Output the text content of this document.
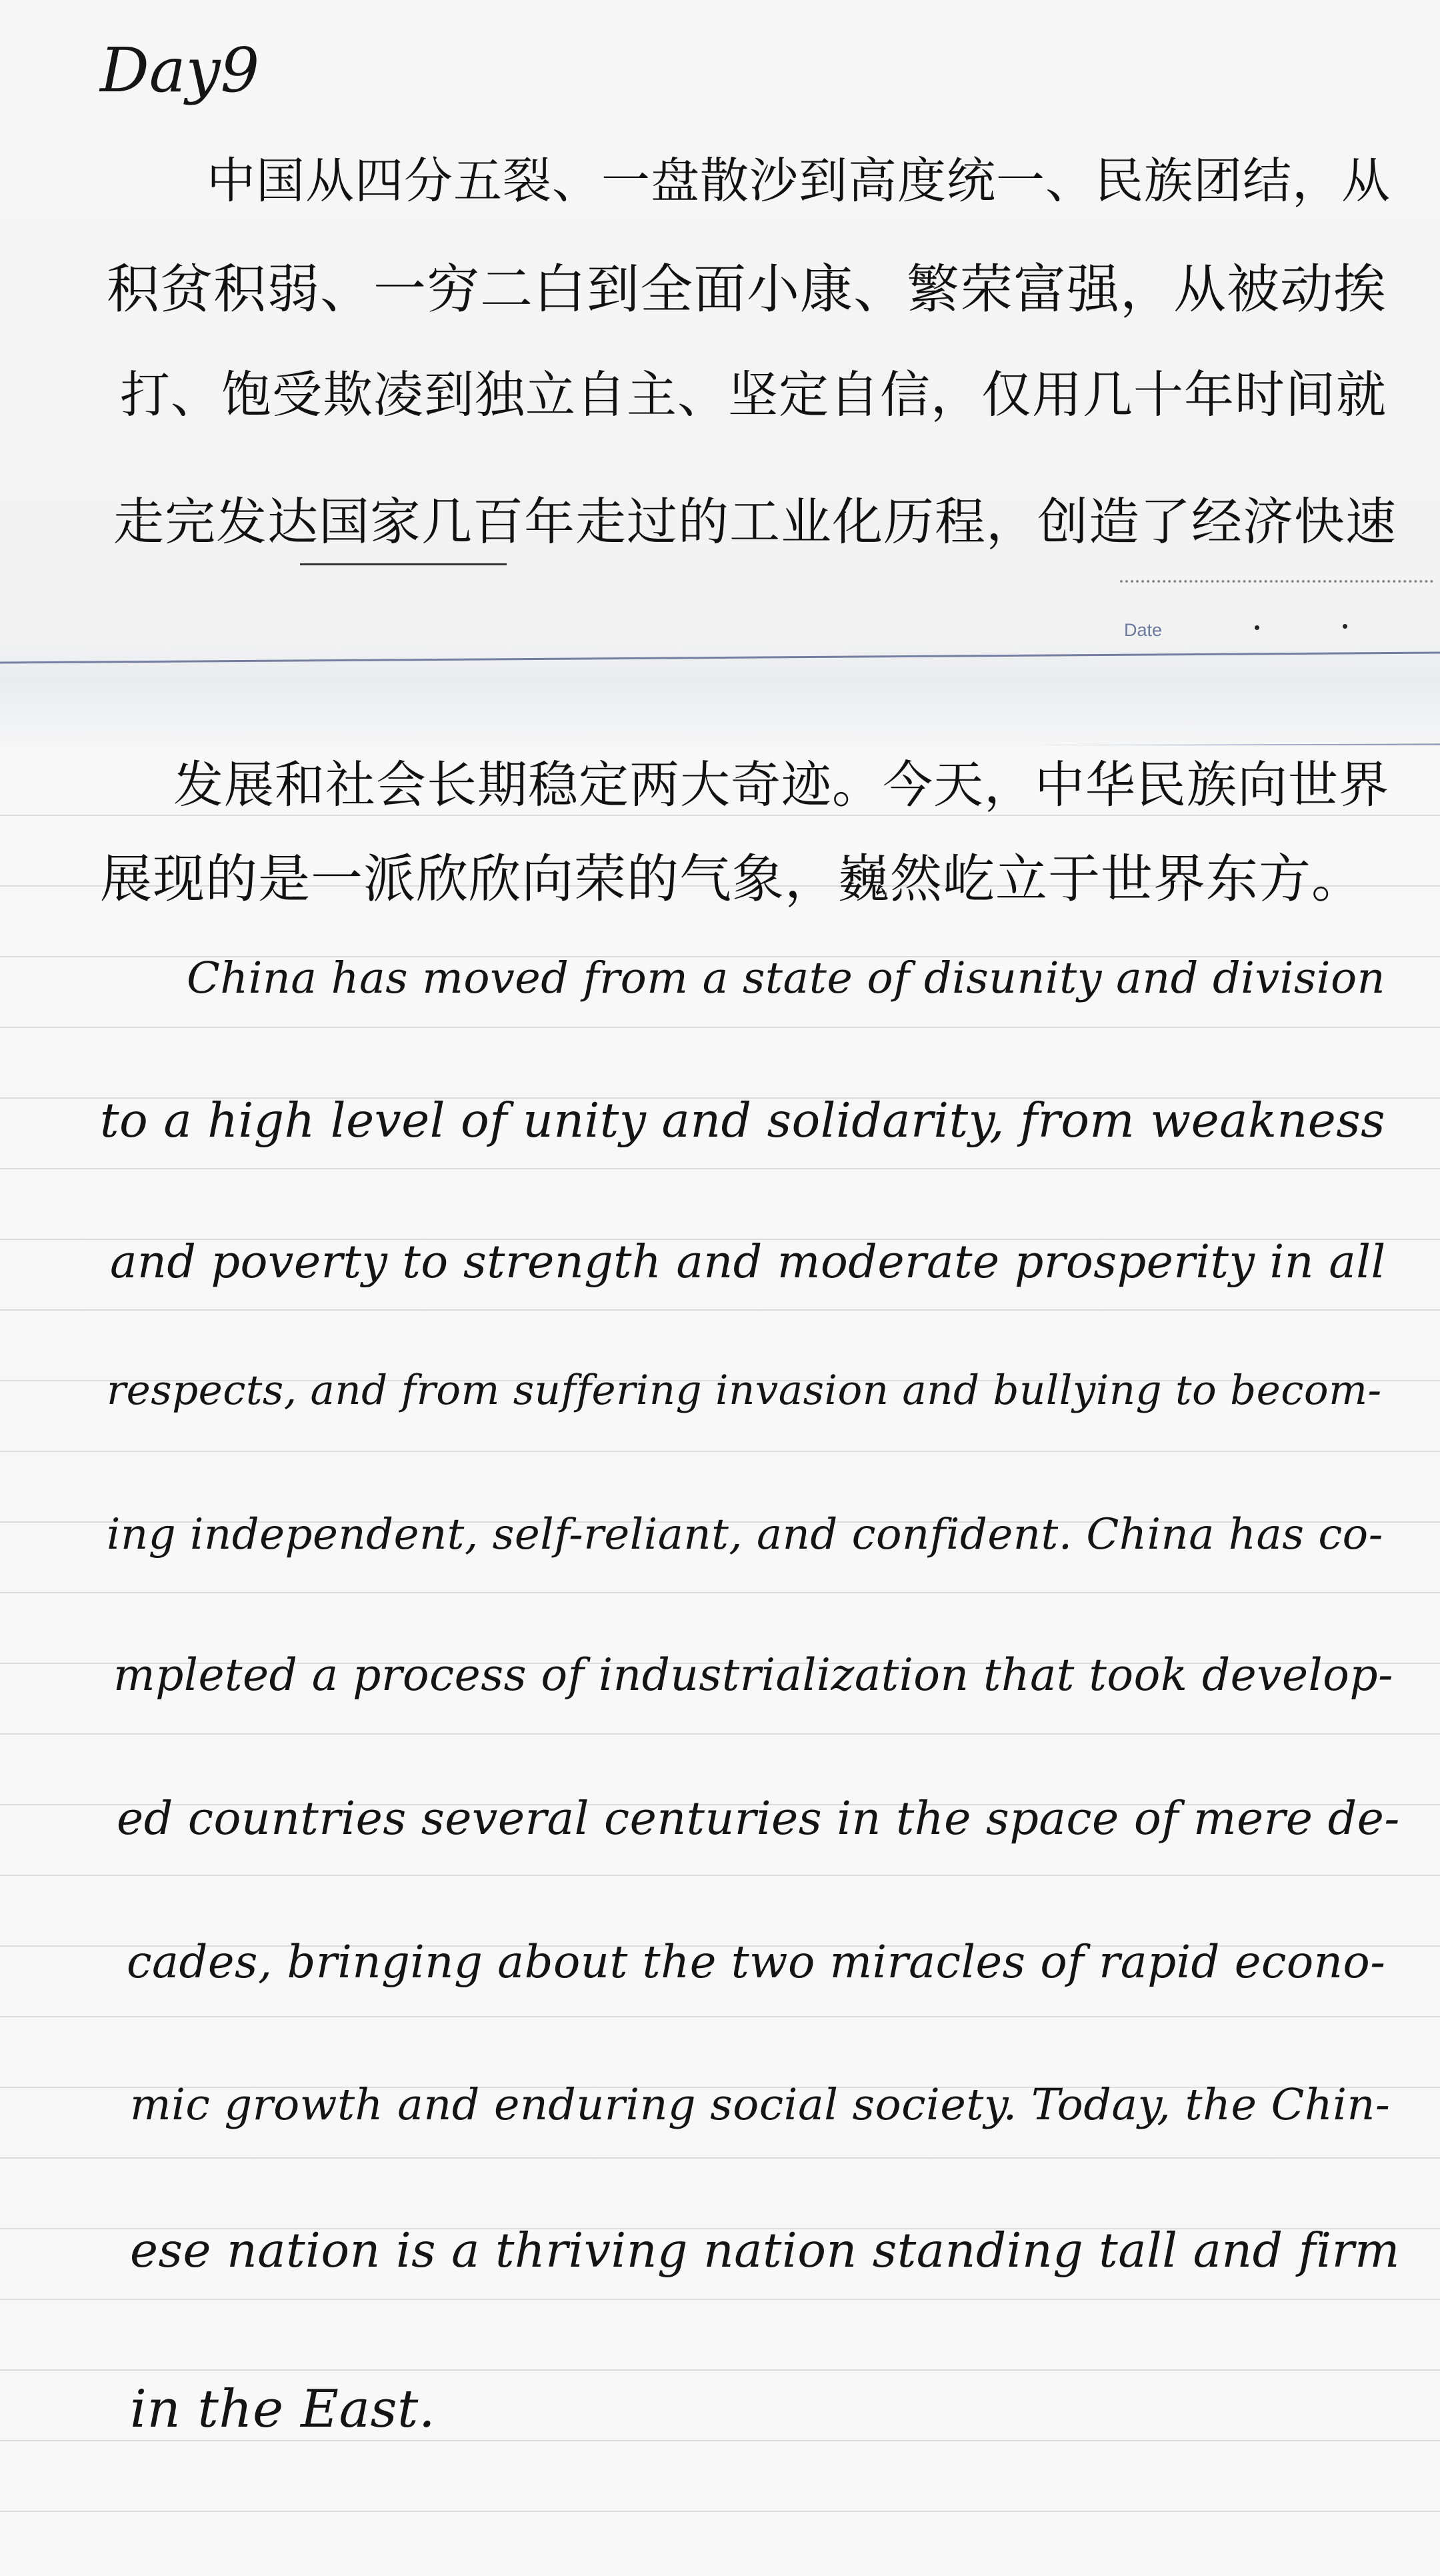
Date
Day9
中国从四分五裂、一盘散沙到高度统一、民族团结，从
积贫积弱、一穷二白到全面小康、繁荣富强，从被动挨
打、饱受欺凌到独立自主、坚定自信，仅用几十年时间就
走完发达国家几百年走过的工业化历程，创造了经济快速
发展和社会长期稳定两大奇迹。今天，中华民族向世界
展现的是一派欣欣向荣的气象，巍然屹立于世界东方。
China has moved from a state of disunity and division
to a high level of unity and solidarity, from weakness
and poverty to strength and moderate prosperity in all
respects, and from suffering invasion and bullying to becom-
ing independent, self-reliant, and confident. China has co-
mpleted a process of industrialization that took develop-
ed countries several centuries in the space of mere de-
cades, bringing about the two miracles of rapid econo-
mic growth and enduring social society. Today, the Chin-
ese nation is a thriving nation standing tall and firm
in the East.
